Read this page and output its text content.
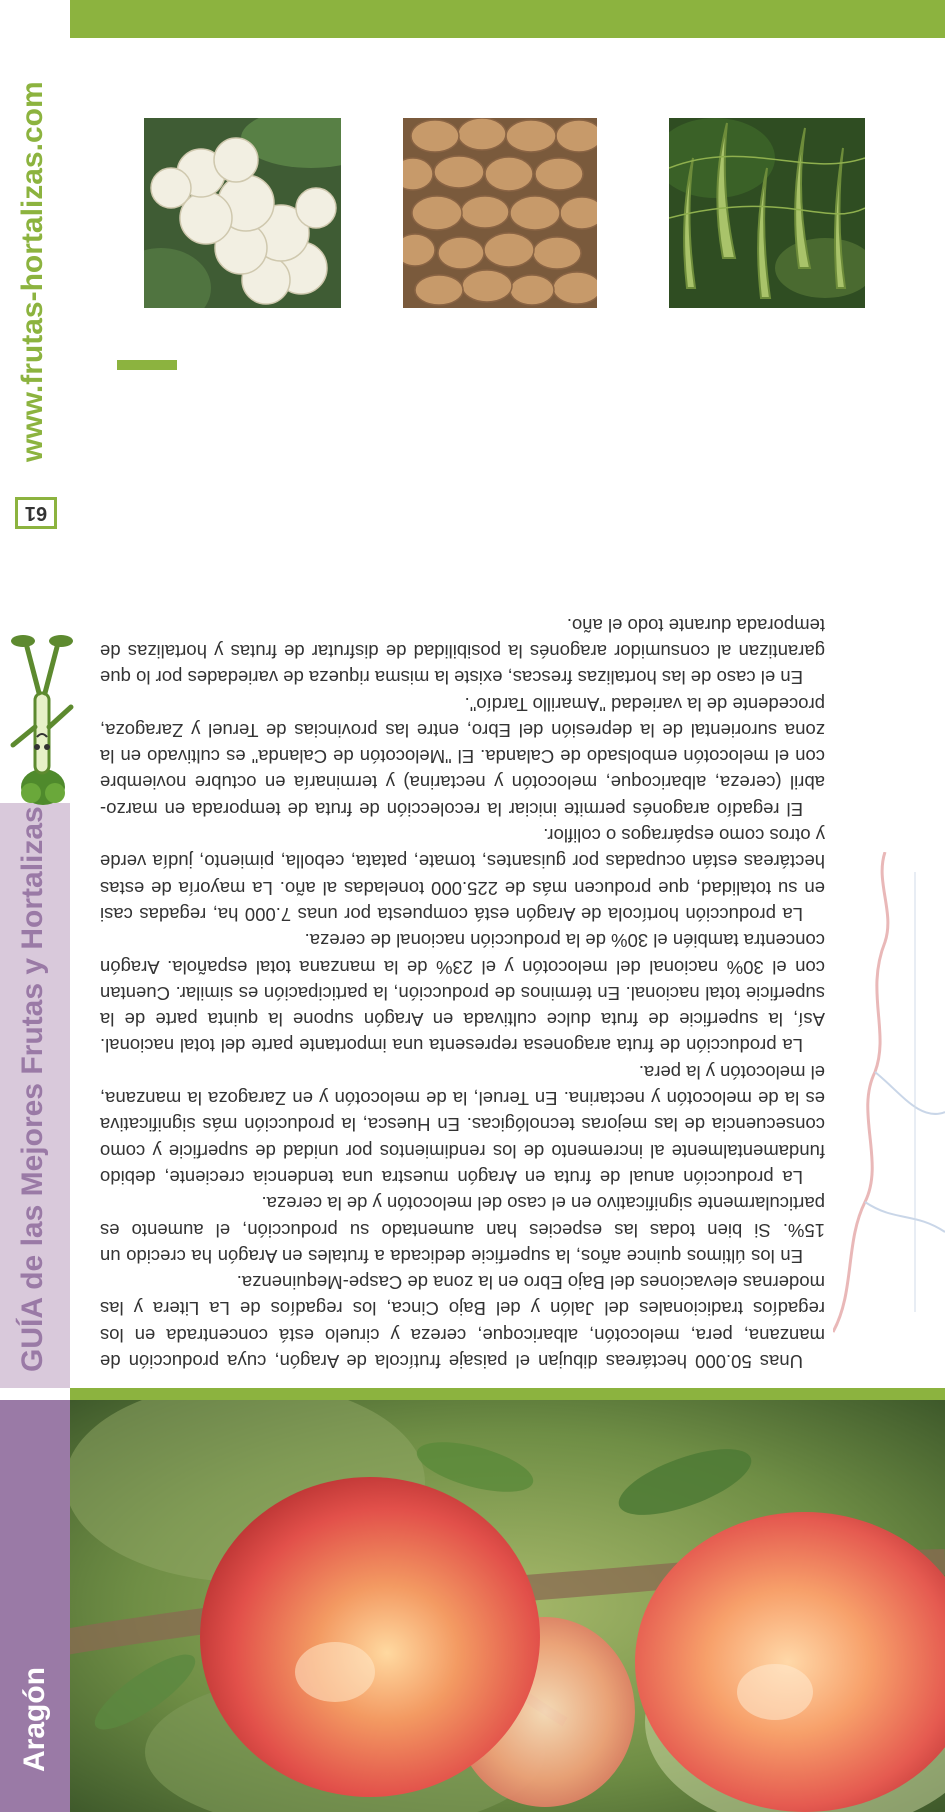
Aragón
GUÍA de las Mejores Frutas y Hortalizas
61
www.frutas-hortalizas.com

Unas 50.000 hectáreas dibujan el paisaje frutícola de Aragón, cuya producción de manzana, pera, melocotón, albaricoque, cereza y ciruelo está concentrada en los regadíos tradicionales del Jalón y del Bajo Cinca, los regadíos de La Litera y las modernas elevaciones del Bajo Ebro en la zona de Caspe-Mequinenza.

En los últimos quince años, la superficie dedicada a frutales en Aragón ha crecido un 15%. Si bien todas las especies han aumentado su producción, el aumento es particularmente significativo en el caso del melocotón y de la cereza.

La producción anual de fruta en Aragón muestra una tendencia creciente, debido fundamentalmente al incremento de los rendimientos por unidad de superficie y como consecuencia de las mejoras tecnológicas. En Huesca, la producción más significativa es la de melocotón y nectarina. En Teruel, la de melocotón y en Zaragoza la manzana, el melocotón y la pera.

La producción de fruta aragonesa representa una importante parte del total nacional. Así, la superficie de fruta dulce cultivada en Aragón supone la quinta parte de la superficie total nacional. En términos de producción, la participación es similar. Cuentan con el 30% nacional del melocotón y el 23% de la manzana total española. Aragón concentra también el 30% de la producción nacional de cereza.

La producción hortícola de Aragón está compuesta por unas 7.000 ha, regadas casi en su totalidad, que producen más de 225.000 toneladas al año. La mayoría de estas hectáreas están ocupadas por guisantes, tomate, patata, cebolla, pimiento, judía verde y otros como espárragos o coliflor.

El regadío aragonés permite iniciar la recolección de fruta de temporada en marzo-abril (cereza, albaricoque, melocotón y nectarina) y terminaría en octubre noviembre con el melocotón embolsado de Calanda. El "Melocotón de Calanda" es cultivado en la zona suroriental de la depresión del Ebro, entre las provincias de Teruel y Zaragoza, procedente de la variedad "Amarillo Tardío".

En el caso de las hortalizas frescas, existe la misma riqueza de variedades por lo que garantizan al consumidor aragonés la posibilidad de disfrutar de frutas y hortalizas de temporada durante todo el año.
